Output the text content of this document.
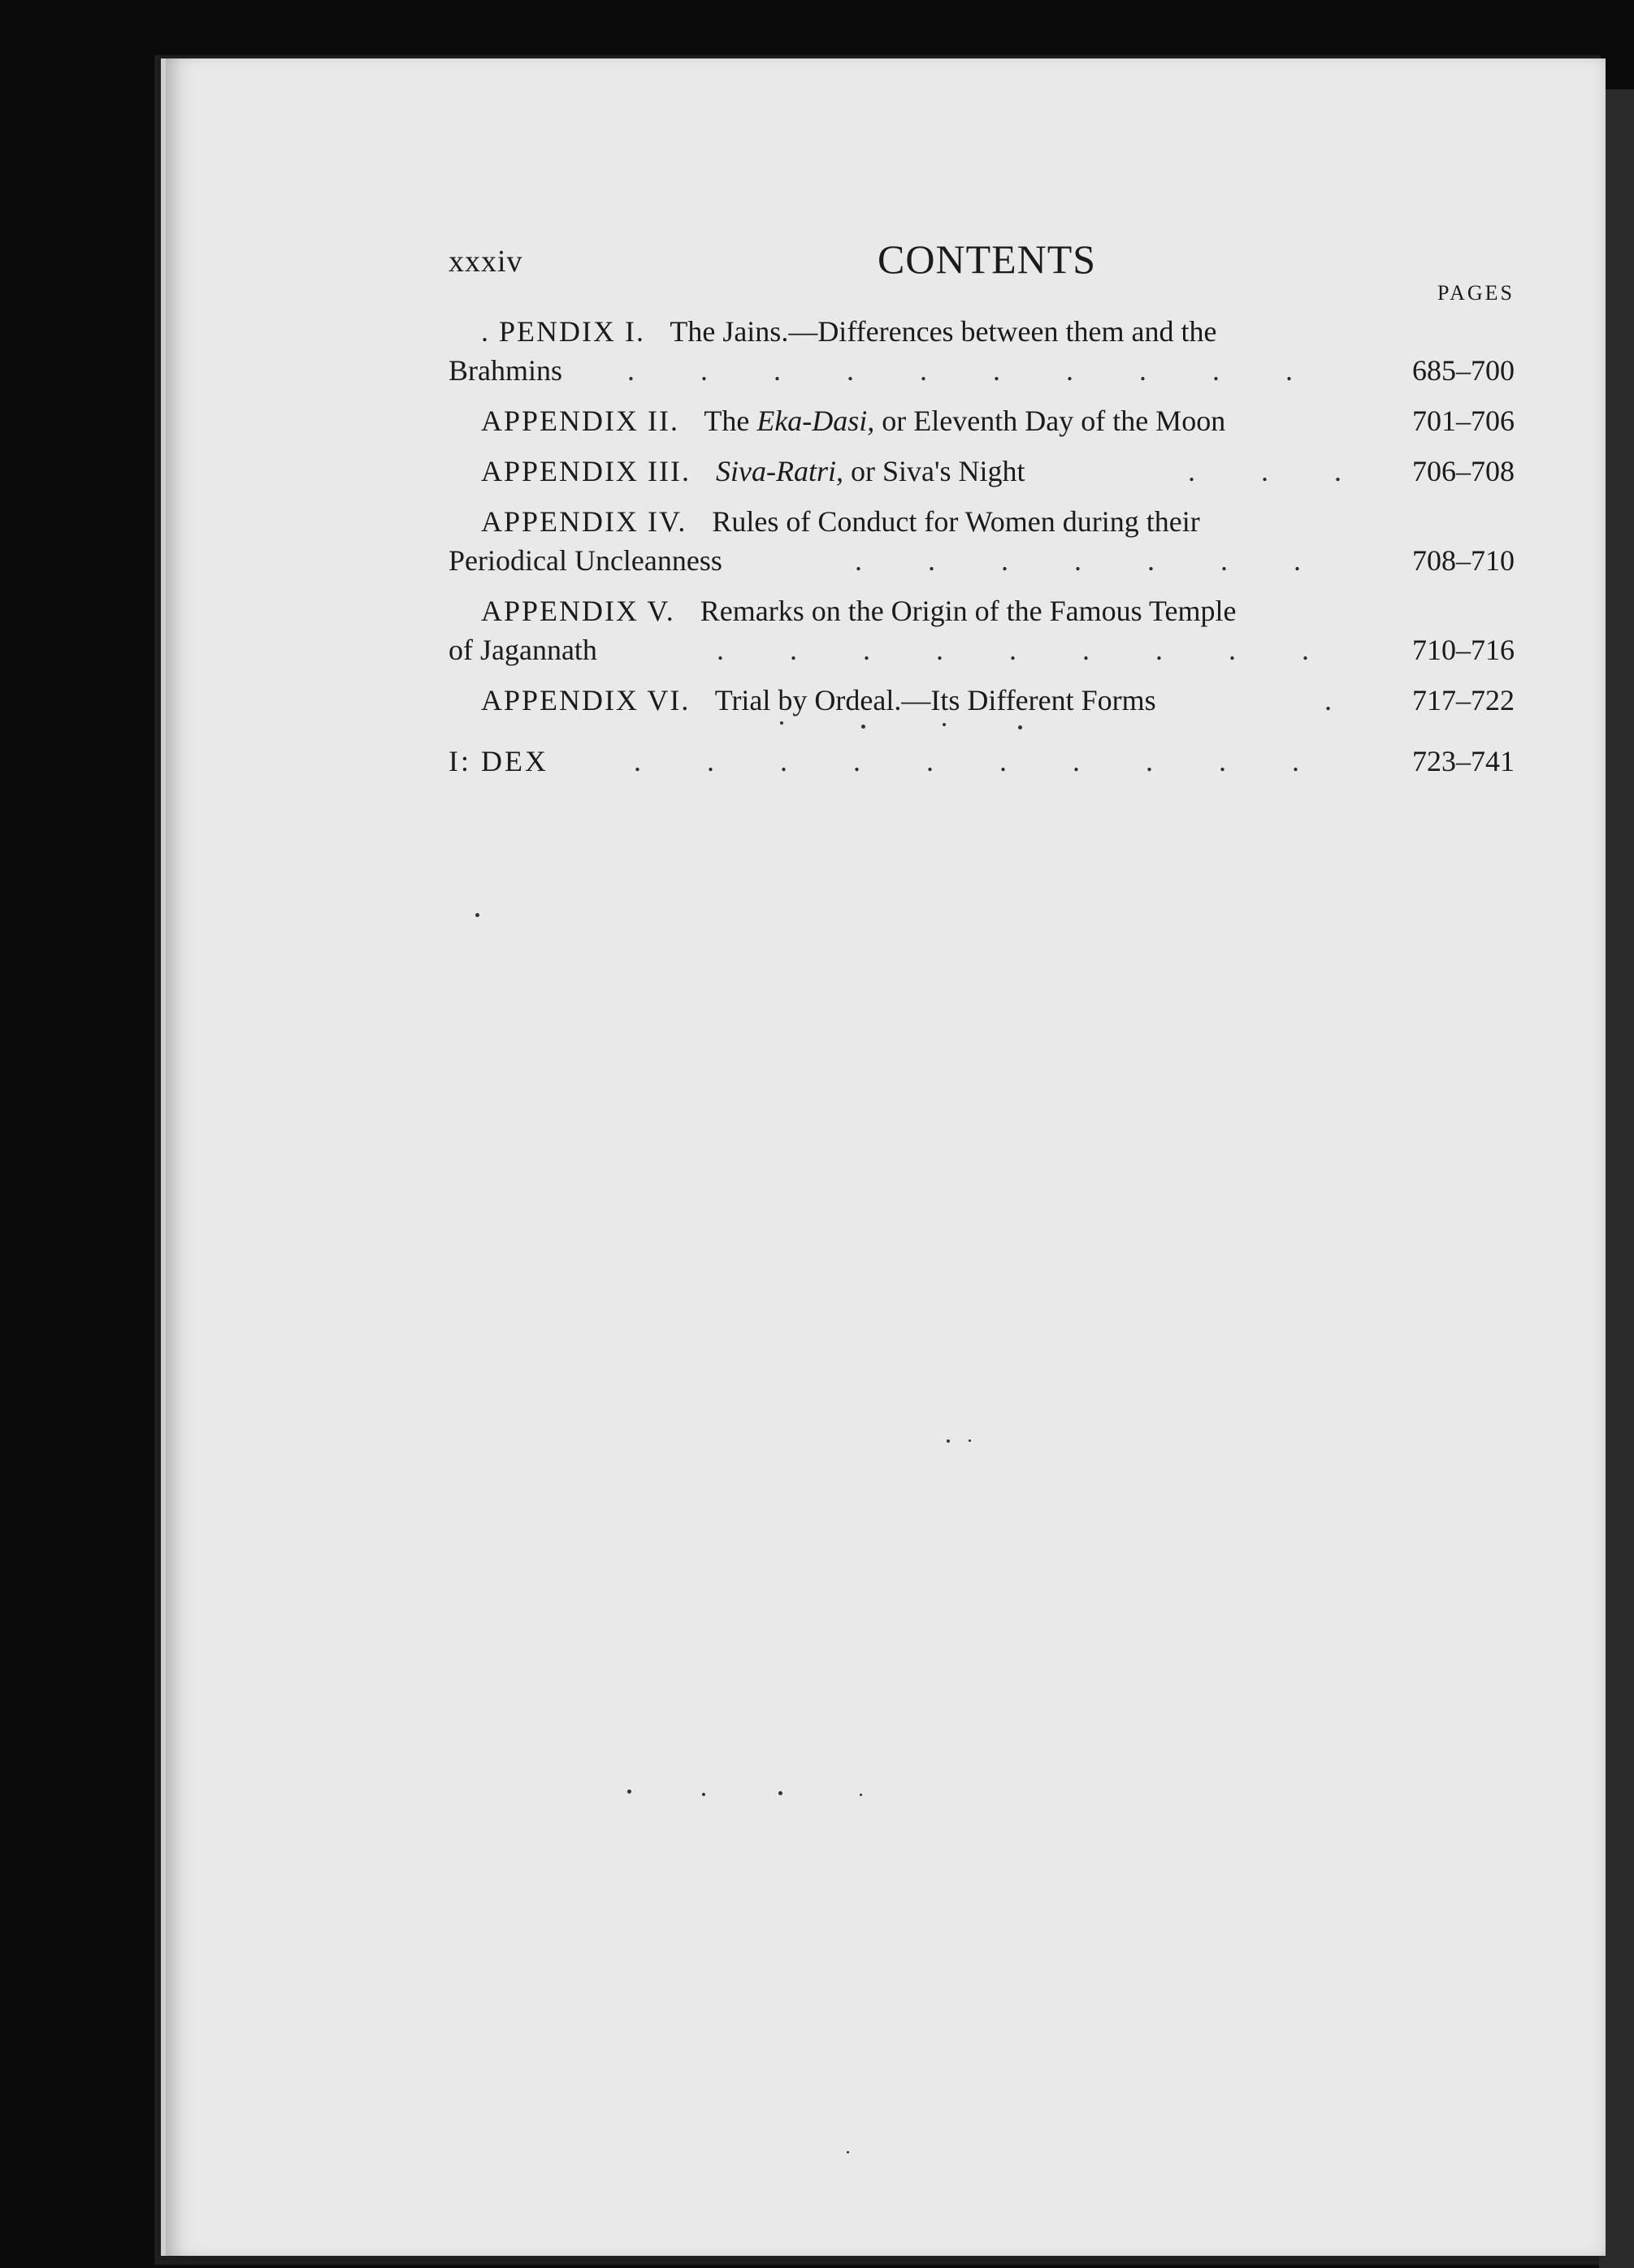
xxxiv	CONTENTS
PAGES
. PENDIX I. The Jains.—Differences between them and the
Brahmins .         .         .         .         .         .         .         .         .         .	685–700
APPENDIX II. The Eka-Dasi, or Eleventh Day of the Moon	701–706
APPENDIX III. Siva-Ratri, or Siva's Night	.         .         . 706–708
APPENDIX IV. Rules of Conduct for Women during their
Periodical Uncleanness	.         .         .         .         .         .         .	708–710
APPENDIX V. Remarks on the Origin of the Famous Temple
of Jagannath	.         .         .         .         .         .         .         .         .	710–716
APPENDIX VI. Trial by Ordeal.—Its Different Forms	.	717–722
I: DEX	.         .         .         .         .         .         .         .         .         .	723–741
